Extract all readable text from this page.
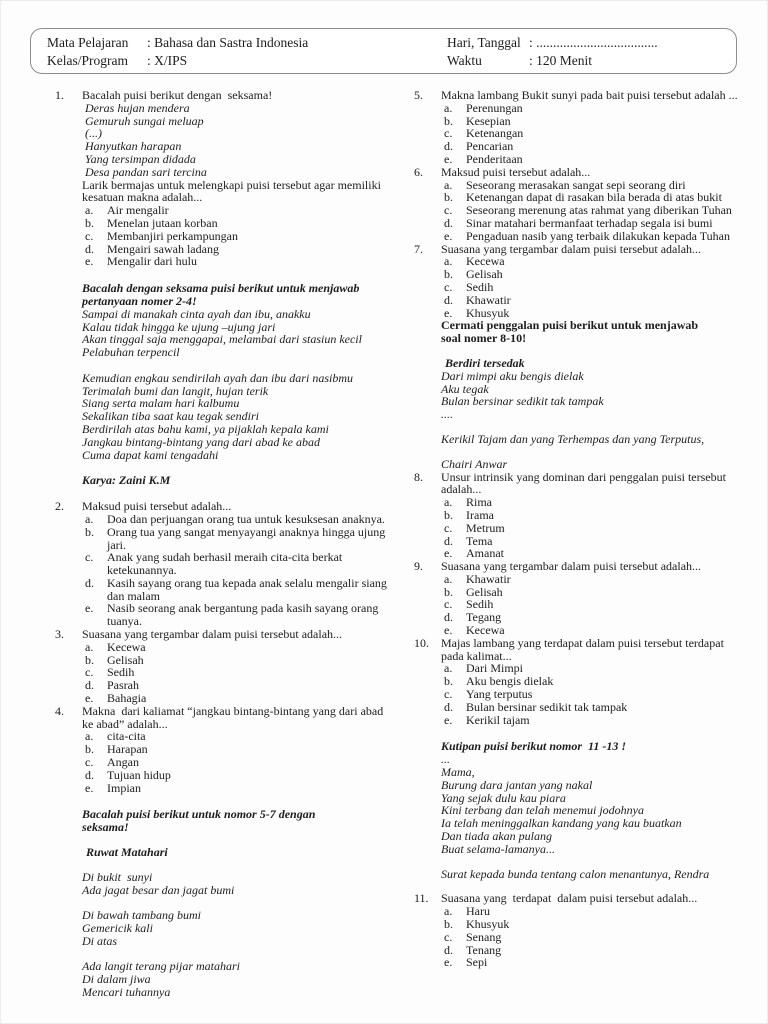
Mata Pelajaran	: Bahasa dan Sastra Indonesia
Kelas/Program	: X/IPS
Hari, Tanggal : ....................................
Waktu	: 120 Menit
1.	Bacalah puisi berikut dengan  seksama!
Deras hujan mendera
Gemuruh sungai meluap
(...)
Hanyutkan harapan
Yang tersimpan didada
Desa pandan sari tercina
Larik bermajas untuk melengkapi puisi tersebut agar memiliki kesatuan makna adalah...
a.	Air mengalir
b.	Menelan jutaan korban
c.	Membanjiri perkampungan
d.	Mengairi sawah ladang
e.	Mengalir dari hulu
Bacalah dengan seksama puisi berikut untuk menjawab
pertanyaan nomer 2-4!
Sampai di manakah cinta ayah dan ibu, anakku
Kalau tidak hingga ke ujung –ujung jari
Akan tinggal saja menggapai, melambai dari stasiun kecil
Pelabuhan terpencil

Kemudian engkau sendirilah ayah dan ibu dari nasibmu
Terimalah bumi dan langit, hujan terik
Siang serta malam hari kalbumu
Sekalikan tiba saat kau tegak sendiri
Berdirilah atas bahu kami, ya pijaklah kepala kami
Jangkau bintang-bintang yang dari abad ke abad
Cuma dapat kami tengadahi
Karya: Zaini K.M
2.	Maksud puisi tersebut adalah...
a.	Doa dan perjuangan orang tua untuk kesuksesan anaknya.
b.	Orang tua yang sangat menyayangi anaknya hingga ujung jari.
c.	Anak yang sudah berhasil meraih cita-cita berkat ketekunannya.
d.	Kasih sayang orang tua kepada anak selalu mengalir siang dan malam
e.	Nasib seorang anak bergantung pada kasih sayang orang tuanya.
3.	Suasana yang tergambar dalam puisi tersebut adalah...
a.	Kecewa
b.	Gelisah
c.	Sedih
d.	Pasrah
e.	Bahagia
4.	Makna  dari kaliamat “jangkau bintang-bintang yang dari abad ke abad” adalah...
a.	cita-cita
b.	Harapan
c.	Angan
d.	Tujuan hidup
e.	Impian
Bacalah puisi berikut untuk nomor 5-7 dengan
seksama!
Ruwat Matahari
Di bukit  sunyi
Ada jagat besar dan jagat bumi

Di bawah tambang bumi
Gemericik kali
Di atas

Ada langit terang pijar matahari
Di dalam jiwa
Mencari tuhannya
5.	Makna lambang Bukit sunyi pada bait puisi tersebut adalah ...
a.	Perenungan
b.	Kesepian
c.	Ketenangan
d.	Pencarian
e.	Penderitaan
6.	Maksud puisi tersebut adalah...
a.	Seseorang merasakan sangat sepi seorang diri
b.	Ketenangan dapat di rasakan bila berada di atas bukit
c.	Seseorang merenung atas rahmat yang diberikan Tuhan
d.	Sinar matahari bermanfaat terhadap segala isi bumi
e.	Pengaduan nasib yang terbaik dilakukan kepada Tuhan
7.	Suasana yang tergambar dalam puisi tersebut adalah...
a.	Kecewa
b.	Gelisah
c.	Sedih
d.	Khawatir
e.	Khusyuk
Cermati penggalan puisi berikut untuk menjawab
soal nomer 8-10!
Berdiri tersedak
Dari mimpi aku bengis dielak
Aku tegak
Bulan bersinar sedikit tak tampak
....
Kerikil Tajam dan yang Terhempas dan yang Terputus,
Chairi Anwar
8.	Unsur intrinsik yang dominan dari penggalan puisi tersebut adalah...
a.	Rima
b.	Irama
c.	Metrum
d.	Tema
e.	Amanat
9.	Suasana yang tergambar dalam puisi tersebut adalah...
a.	Khawatir
b.	Gelisah
c.	Sedih
d.	Tegang
e.	Kecewa
10.	Majas lambang yang terdapat dalam puisi tersebut terdapat pada kalimat...
a.	Dari Mimpi
b.	Aku bengis dielak
c.	Yang terputus
d.	Bulan bersinar sedikit tak tampak
e.	Kerikil tajam
Kutipan puisi berikut nomor  11 -13 !
...
Mama,
Burung dara jantan yang nakal
Yang sejak dulu kau piara
Kini terbang dan telah menemui jodohnya
Ia telah meninggalkan kandang yang kau buatkan
Dan tiada akan pulang
Buat selama-lamanya...
Surat kepada bunda tentang calon menantunya, Rendra
11.	Suasana yang  terdapat  dalam puisi tersebut adalah...
a.	Haru
b.	Khusyuk
c.	Senang
d.	Tenang
e.	Sepi
